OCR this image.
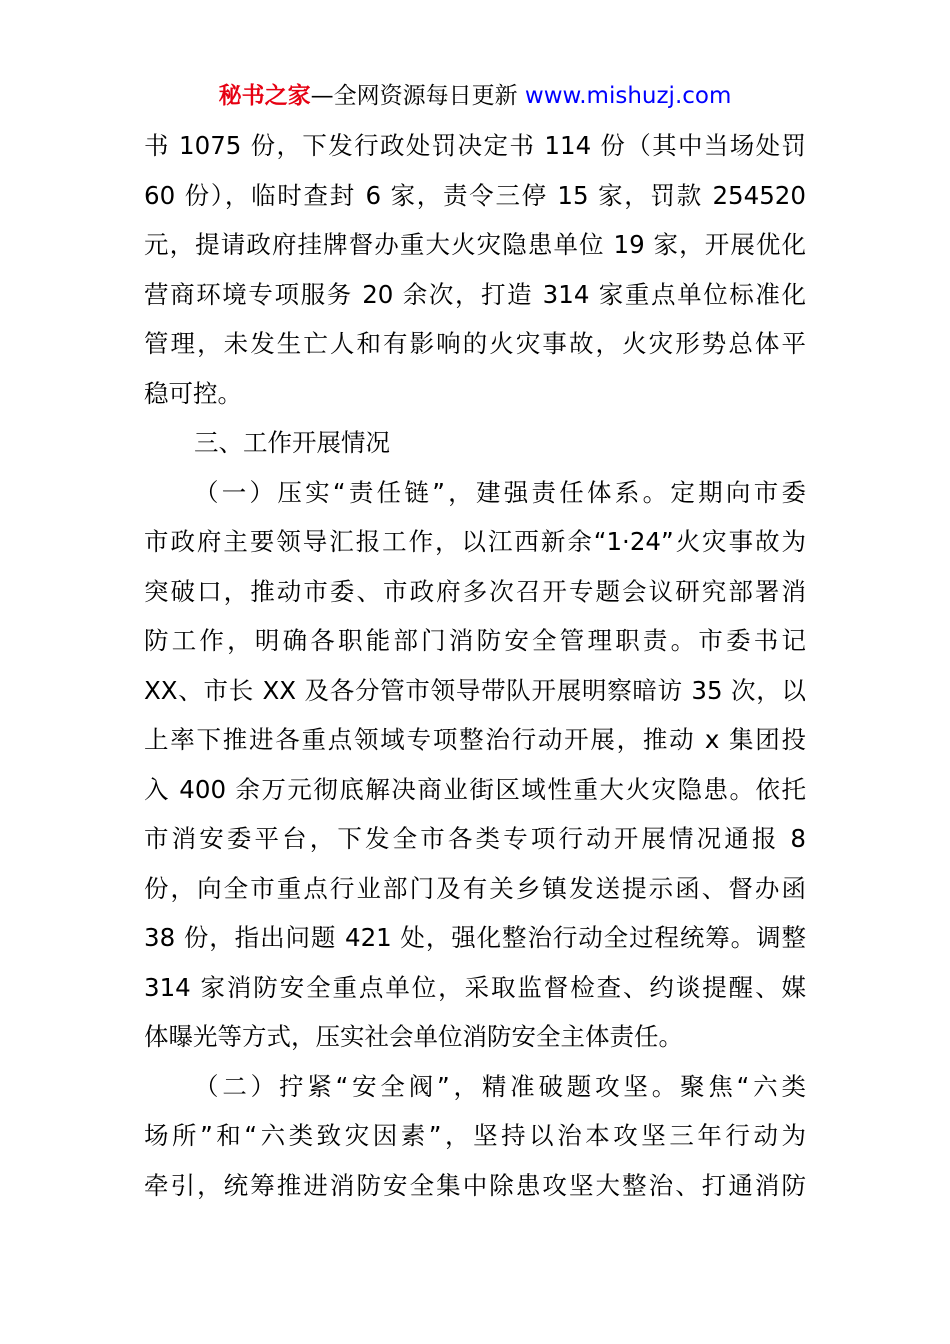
秘书之家—全网资源每日更新 www.mishuzj.com
书 1075 份，下发行政处罚决定书 114 份（其中当场处罚
60 份），临时查封 6 家，责令三停 15 家，罚款 254520
元，提请政府挂牌督办重大火灾隐患单位 19 家，开展优化
营商环境专项服务 20 余次，打造 314 家重点单位标准化
管理，未发生亡人和有影响的火灾事故，火灾形势总体平
稳可控。
三、工作开展情况
（一）压实“责任链”，建强责任体系。定期向市委
市政府主要领导汇报工作，以江西新余“1·24”火灾事故为
突破口，推动市委、市政府多次召开专题会议研究部署消
防工作，明确各职能部门消防安全管理职责。市委书记
XX、市长 XX 及各分管市领导带队开展明察暗访 35 次，以
上率下推进各重点领域专项整治行动开展，推动 x 集团投
入 400 余万元彻底解决商业街区域性重大火灾隐患。依托
市消安委平台，下发全市各类专项行动开展情况通报 8
份，向全市重点行业部门及有关乡镇发送提示函、督办函
38 份，指出问题 421 处，强化整治行动全过程统筹。调整
314 家消防安全重点单位，采取监督检查、约谈提醒、媒
体曝光等方式，压实社会单位消防安全主体责任。
（二）拧紧“安全阀”，精准破题攻坚。聚焦“六类
场所”和“六类致灾因素”，坚持以治本攻坚三年行动为
牵引，统筹推进消防安全集中除患攻坚大整治、打通消防
